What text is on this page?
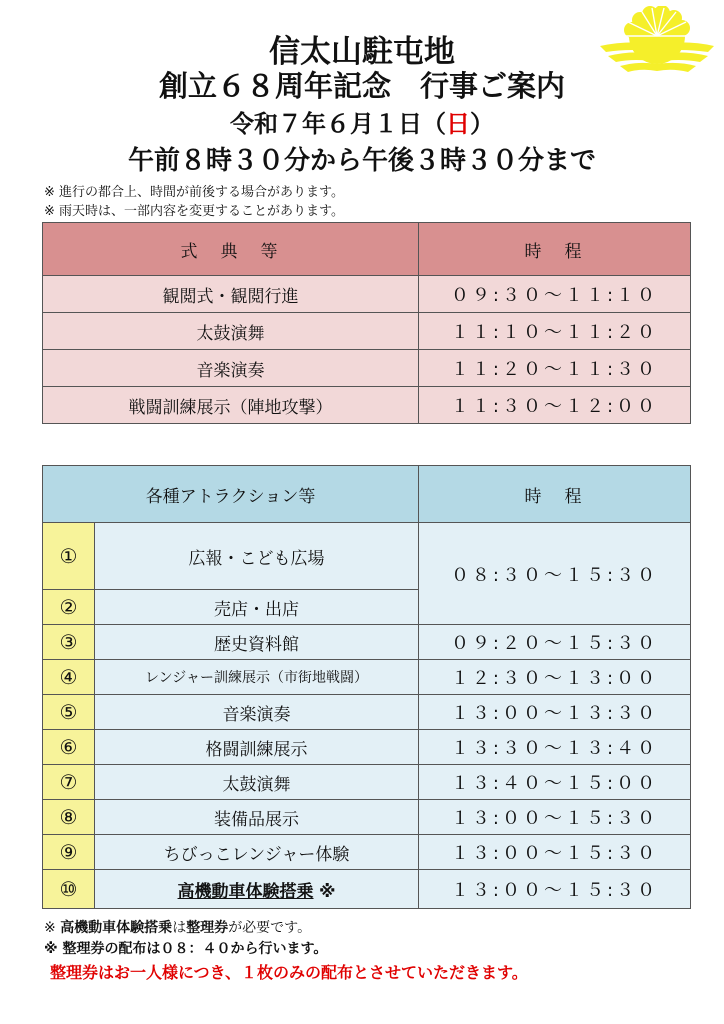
信太山駐屯地
創立６８周年記念　行事ご案内
令和７年６月１日（日）
午前８時３０分から午後３時３０分まで
※ 進行の都合上、時間が前後する場合があります。
※ 雨天時は、一部内容を変更することがあります。
式　典　等	時　程
観閲式・観閲行進	０９:３０～１１:１０
太鼓演舞	１１:１０～１１:２０
音楽演奏	１１:２０～１１:３０
戦闘訓練展示（陣地攻撃）	１１:３０～１２:００
各種アトラクション等		時　程
①	広報・こども広場	０８:３０～１５:３０
②	売店・出店	
③	歴史資料館	０９:２０～１５:３０
④	レンジャー訓練展示（市街地戦闘）	１２:３０～１３:００
⑤	音楽演奏	１３:００～１３:３０
⑥	格闘訓練展示	１３:３０～１３:４０
⑦	太鼓演舞	１３:４０～１５:００
⑧	装備品展示	１３:００～１５:３０
⑨	ちびっこレンジャー体験	１３:００～１５:３０
⑩	高機動車体験搭乗 ※	１３:００～１５:３０
※ 高機動車体験搭乗は整理券が必要です。
※ 整理券の配布は０８：４０から行います。
整理券はお一人様につき、１枚のみの配布とさせていただきます。
